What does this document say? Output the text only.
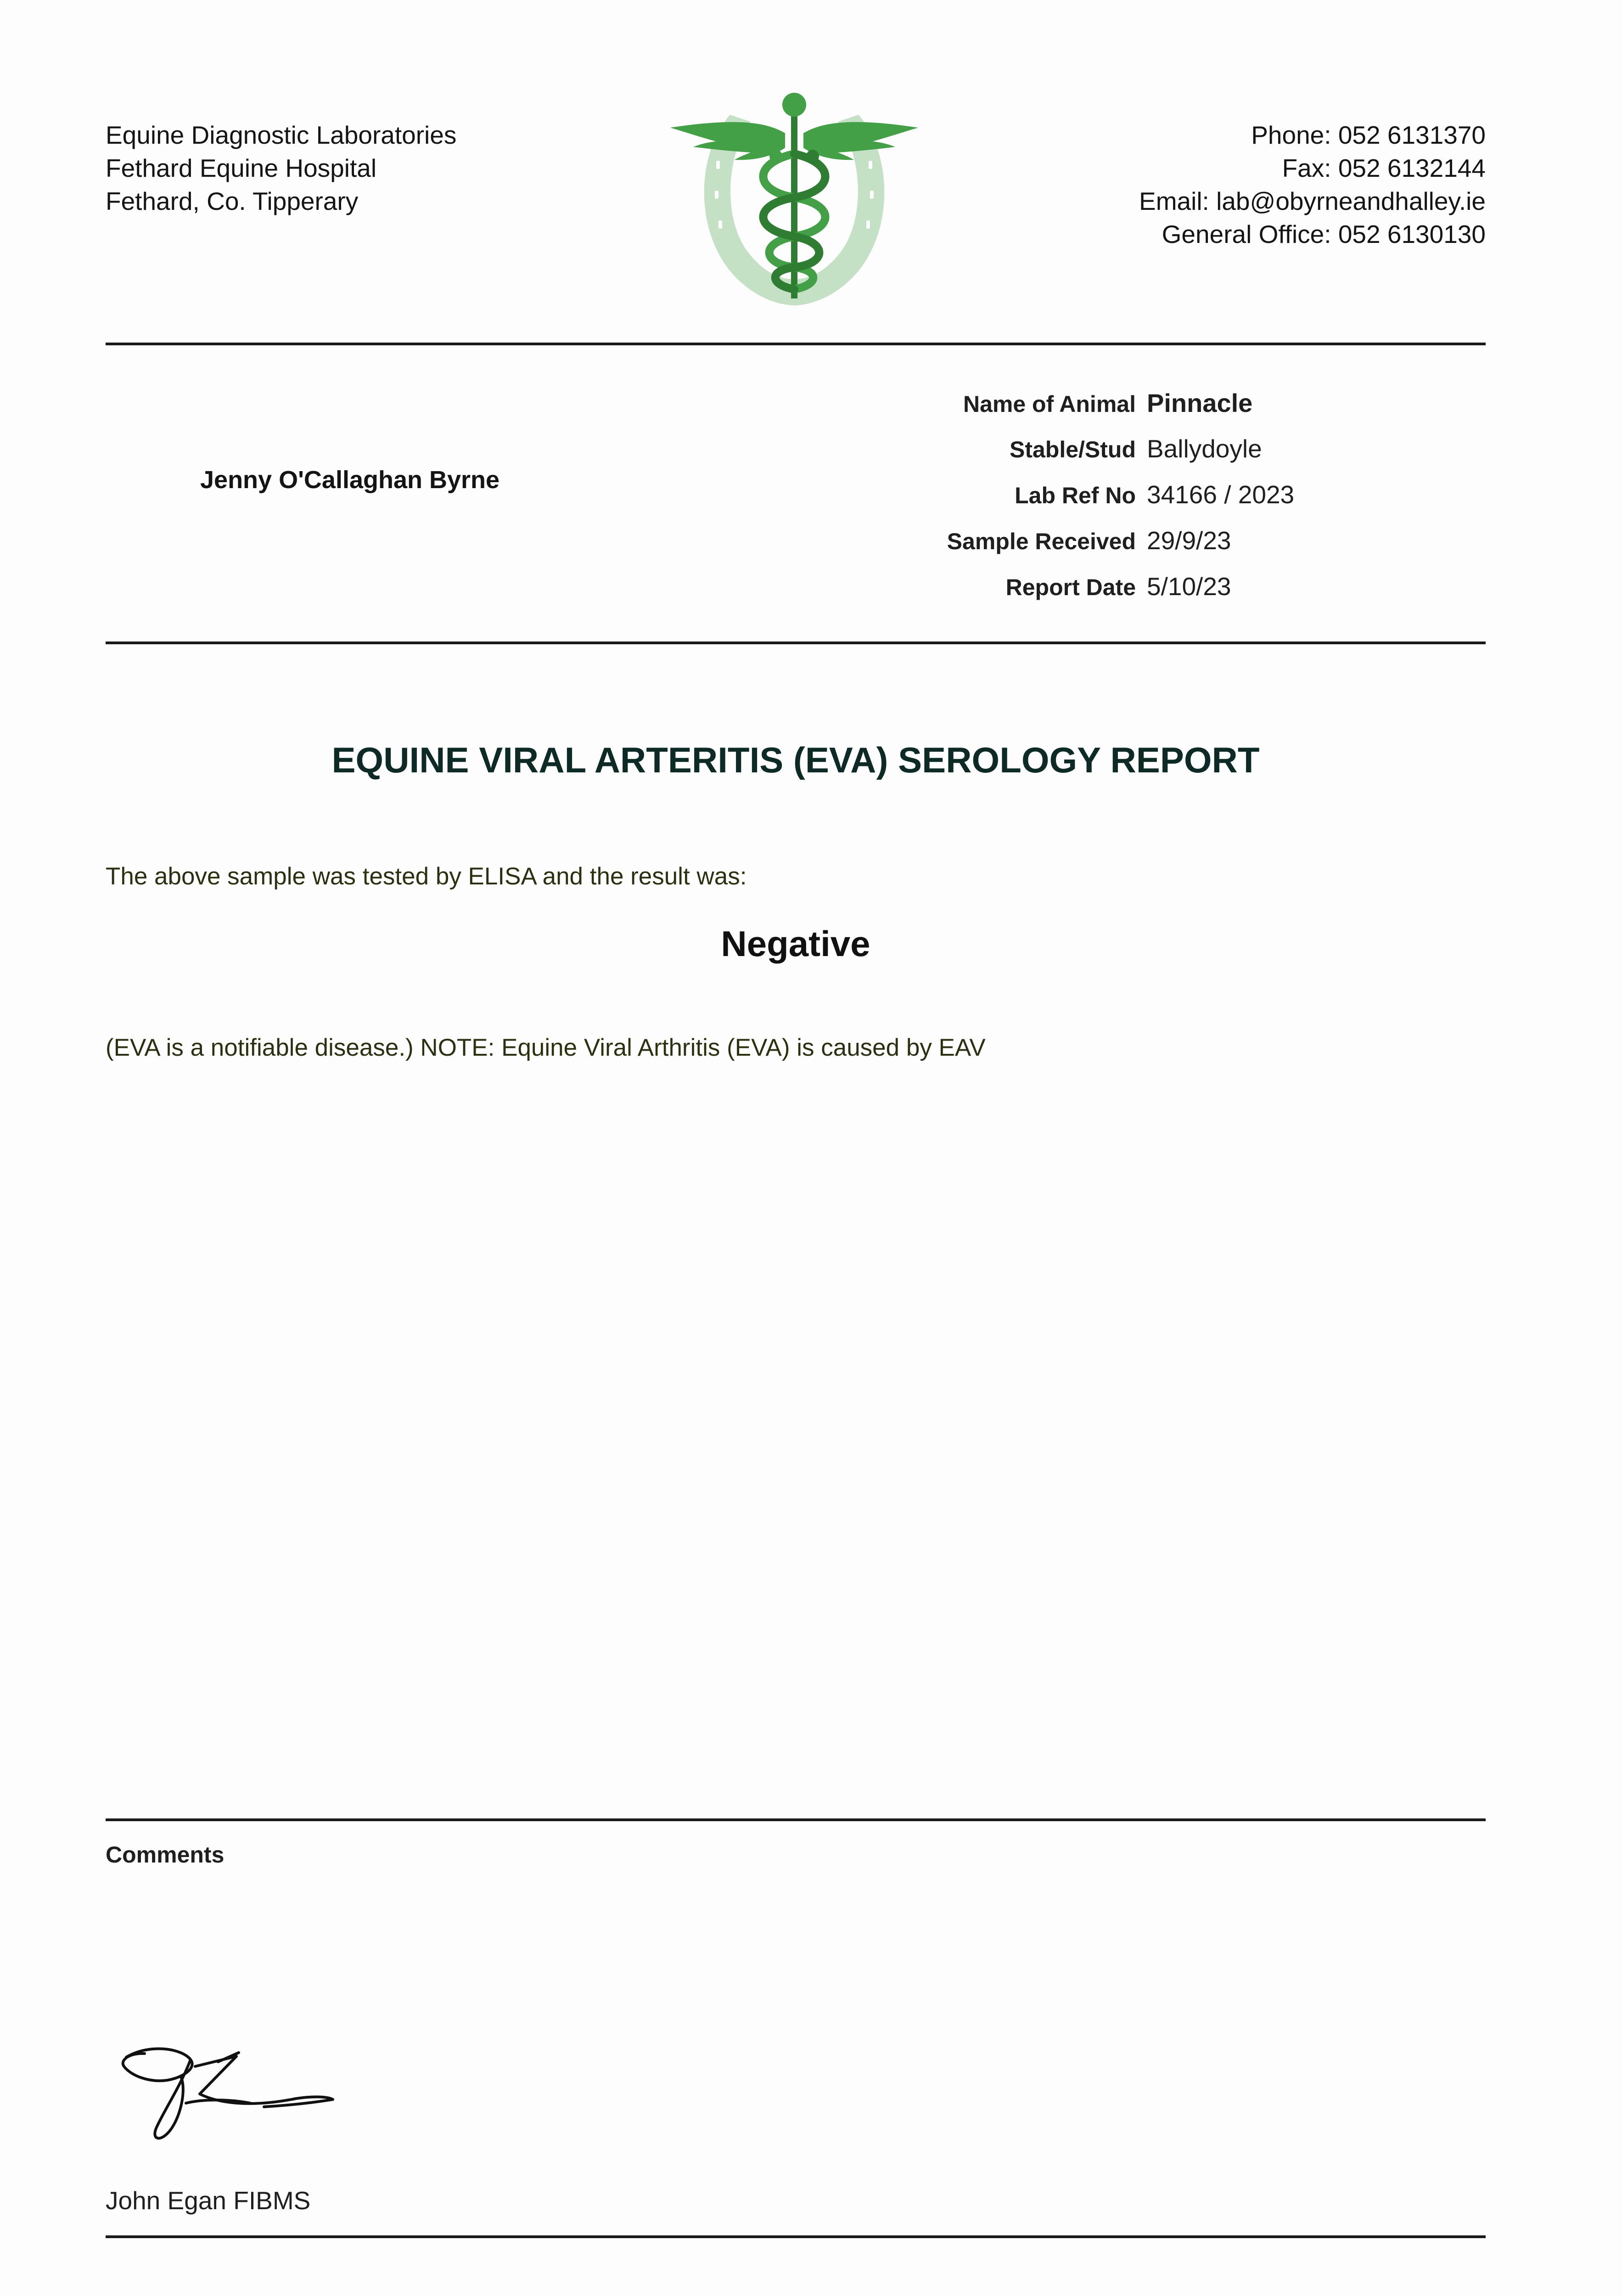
Equine Diagnostic Laboratories
Fethard Equine Hospital
Fethard, Co. Tipperary
Phone: 052 6131370
Fax: 052 6132144
Email: lab@obyrneandhalley.ie
General Office: 052 6130130
Jenny O'Callaghan Byrne
Name of Animal Pinnacle
Stable/Stud Ballydoyle
Lab Ref No 34166 / 2023
Sample Received 29/9/23
Report Date 5/10/23
EQUINE VIRAL ARTERITIS (EVA) SEROLOGY REPORT
The above sample was tested by ELISA and the result was:
Negative
(EVA is a notifiable disease.) NOTE: Equine Viral Arthritis (EVA) is caused by EAV
Comments
John Egan FIBMS
